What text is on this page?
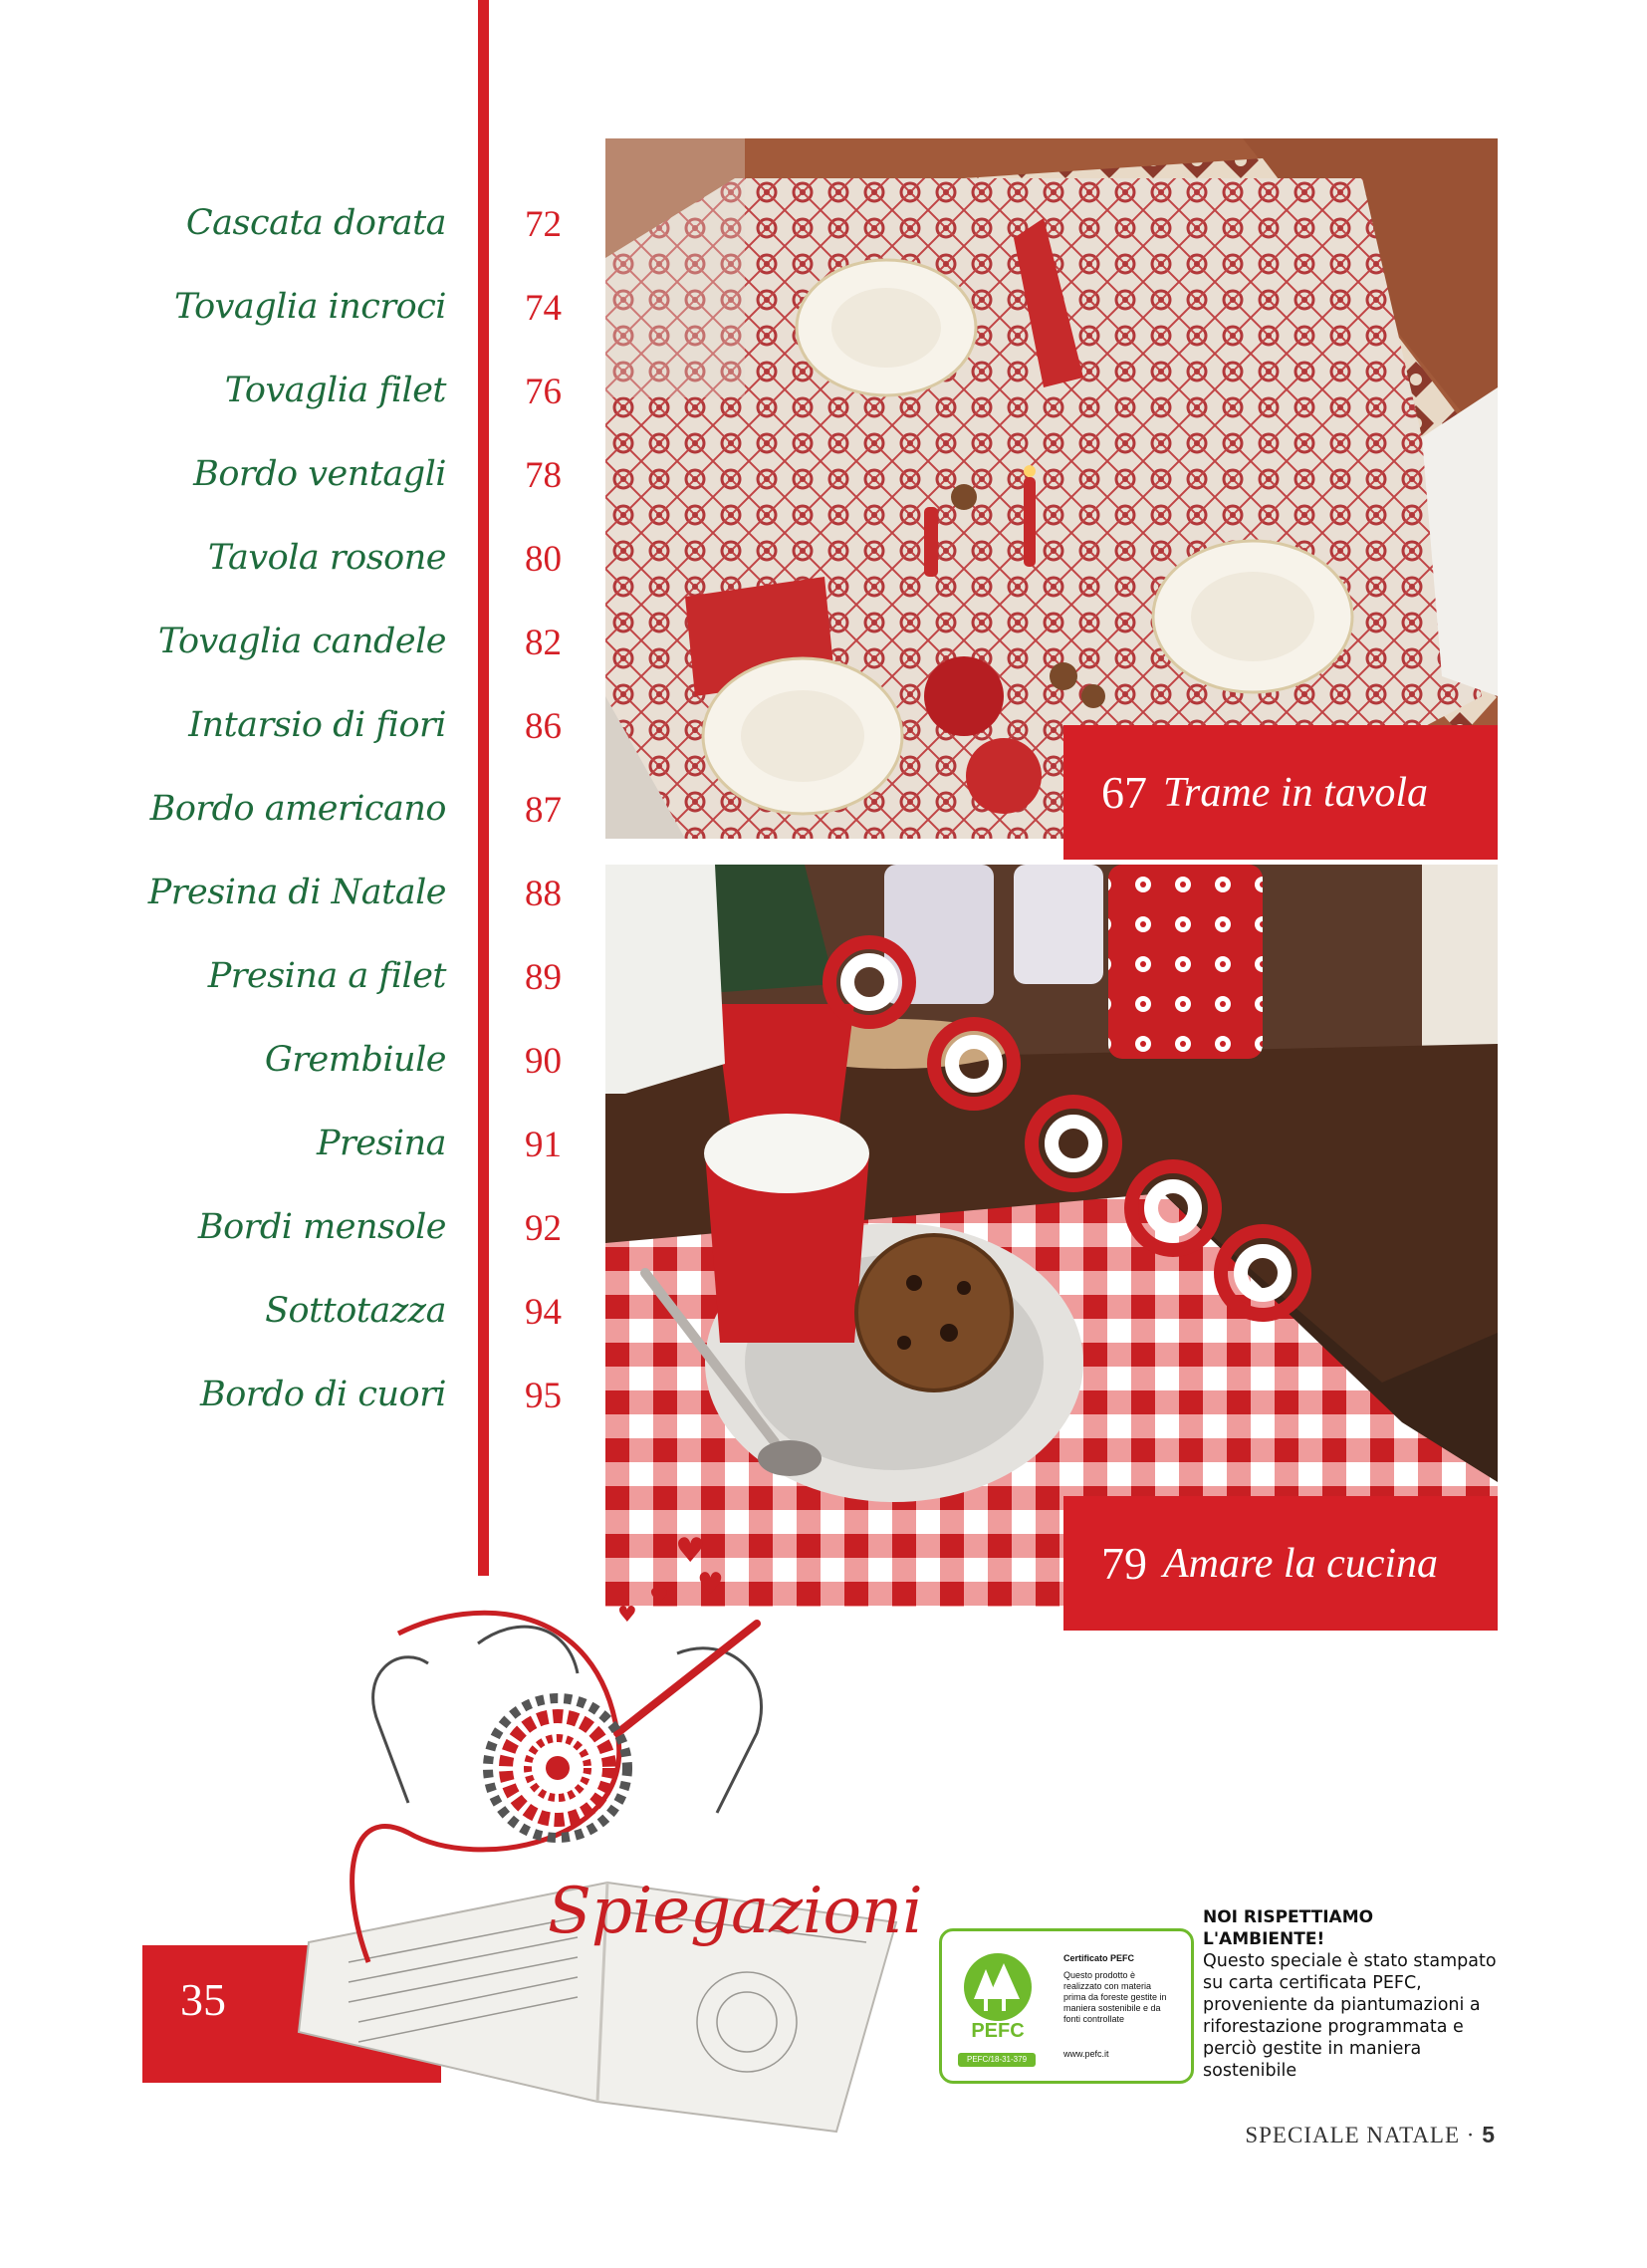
Cascata dorata 72
Tovaglia incroci 74
Tovaglia filet 76
Bordo ventagli 78
Tavola rosone 80
Tovaglia candele 82
Intarsio di fiori 86
Bordo americano 87
Presina di Natale 88
Presina a filet 89
Grembiule 90
Presina 91
Bordi mensole 92
Sottotazza 94
Bordo di cuori 95
67 Trame in tavola
♥
♥	79 Amare la cucina
35
♥
♥
Spiegazioni
PEFC
PEFC/18-31-379
Certificato PEFC
Questo prodotto è
realizzato con materia
prima da foreste gestite in
maniera sostenibile e da
fonti controllate
www.pefc.it
NOI RISPETTIAMO
L'AMBIENTE!
Questo speciale è stato stampato su carta certificata PEFC, proveniente da piantumazioni a riforestazione programmata e perciò gestite in maniera sostenibile
SPECIALE NATALE · 5
